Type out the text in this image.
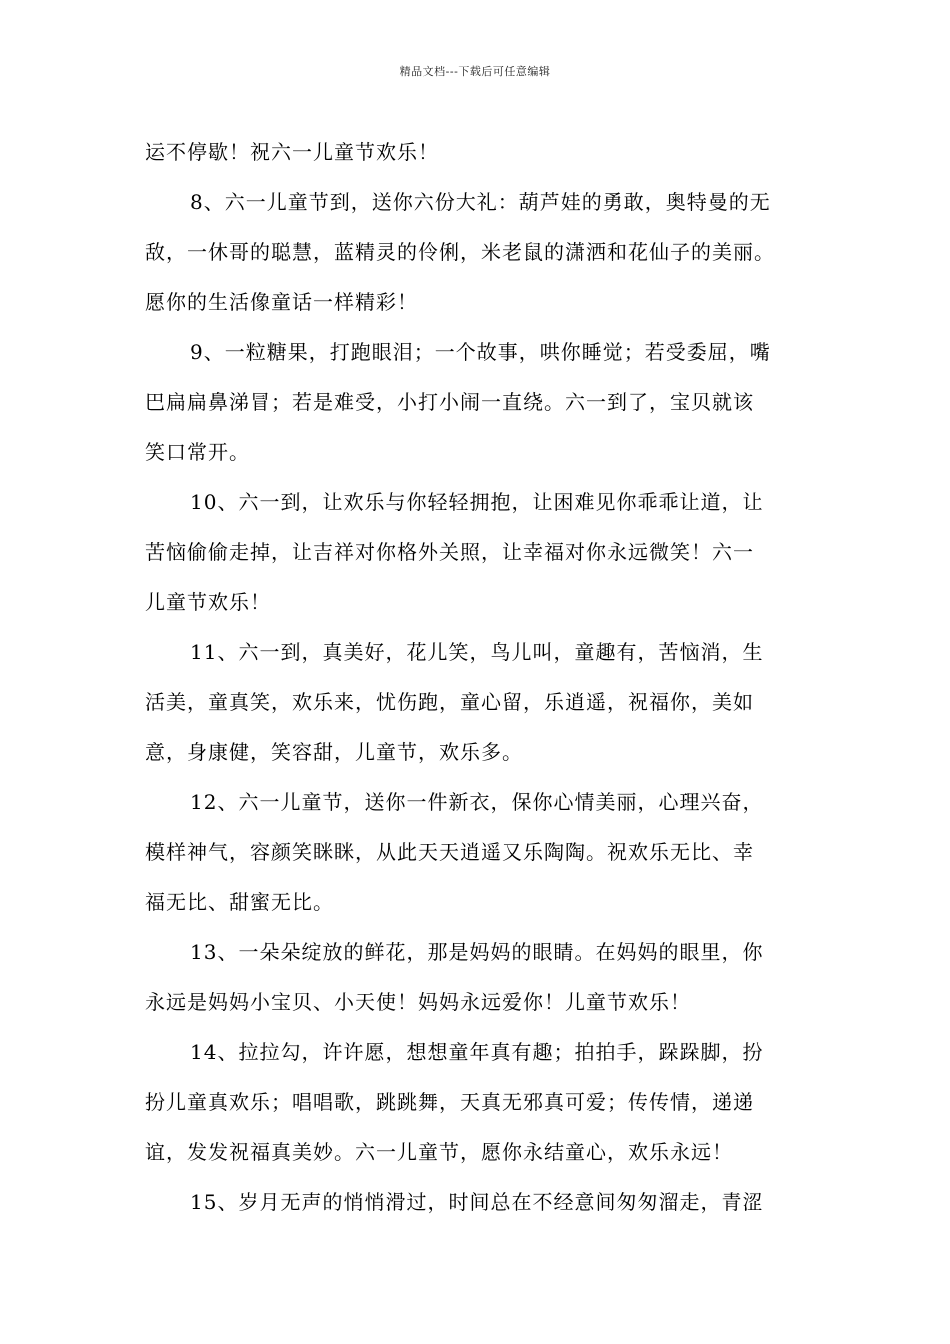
精品文档---下载后可任意编辑
运不停歇！祝六一儿童节欢乐！
8、六一儿童节到，送你六份大礼：葫芦娃的勇敢，奥特曼的无
敌，一休哥的聪慧，蓝精灵的伶俐，米老鼠的潇洒和花仙子的美丽。
愿你的生活像童话一样精彩！
9、一粒糖果，打跑眼泪；一个故事，哄你睡觉；若受委屈，嘴
巴扁扁鼻涕冒；若是难受，小打小闹一直绕。六一到了，宝贝就该
笑口常开。
10、六一到，让欢乐与你轻轻拥抱，让困难见你乖乖让道，让
苦恼偷偷走掉，让吉祥对你格外关照，让幸福对你永远微笑！六一
儿童节欢乐！
11、六一到，真美好，花儿笑，鸟儿叫，童趣有，苦恼消，生
活美，童真笑，欢乐来，忧伤跑，童心留，乐逍遥，祝福你，美如
意，身康健，笑容甜，儿童节，欢乐多。
12、六一儿童节，送你一件新衣，保你心情美丽，心理兴奋，
模样神气，容颜笑眯眯，从此天天逍遥又乐陶陶。祝欢乐无比、幸
福无比、甜蜜无比。
13、一朵朵绽放的鲜花，那是妈妈的眼睛。在妈妈的眼里，你
永远是妈妈小宝贝、小天使！妈妈永远爱你！儿童节欢乐！
14、拉拉勾，许许愿，想想童年真有趣；拍拍手，跺跺脚，扮
扮儿童真欢乐；唱唱歌，跳跳舞，天真无邪真可爱；传传情，递递
谊，发发祝福真美妙。六一儿童节，愿你永结童心，欢乐永远！
15、岁月无声的悄悄滑过，时间总在不经意间匆匆溜走，青涩
